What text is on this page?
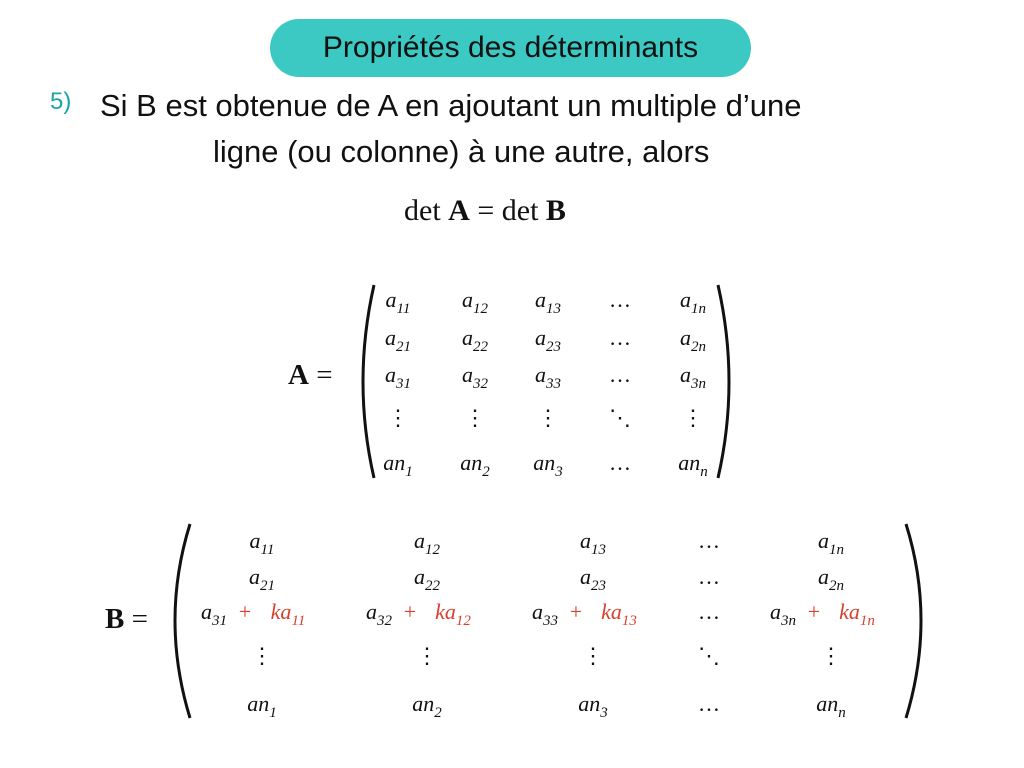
Propriétés des déterminants
5) Si B est obtenue de A en ajoutant un multiple d’une
ligne (ou colonne) à une autre, alors
det A = det B
A =
$a_{11}$ $a_{12}$ $a_{13}$ … $a_{1n}$
$a_{21}$ $a_{22}$ $a_{23}$ … $a_{2n}$
$a_{31}$ $a_{32}$ $a_{33}$ … $a_{3n}$
⋮	⋮ ⋮ ⋱ ⋮
$an_1$ $an_2$ $an_3$ … $an_n$
B =
$a_{11}$	$a_{12}$	$a_{13}$	…	$a_{1n}$
$a_{21}$	$a_{22}$	$a_{23}$	…	$a_{2n}$
$a_{31} + ka_{11}$	$a_{32} + ka_{12}$	$a_{33} + ka_{13}$	… $a_{3n} + ka_{1n}$
⋮	⋮	⋮	⋱	⋮
$an_1$	$an_2$	$an_3$	…	$an_n$
